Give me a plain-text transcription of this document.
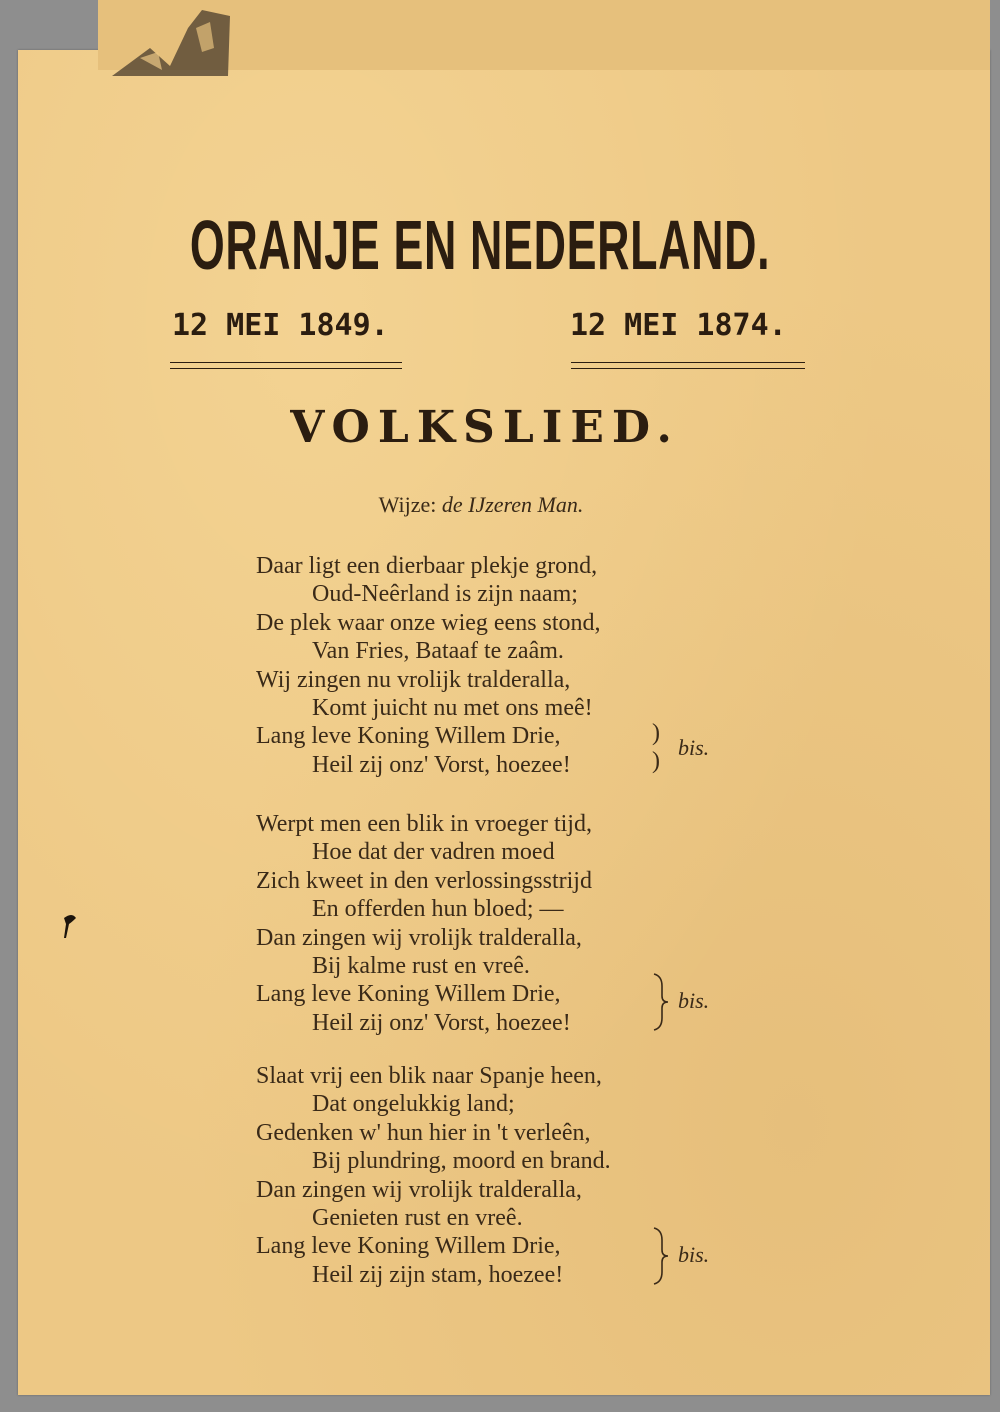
ORANJE EN NEDERLAND.
12 MEI 1849.	12 MEI 1874.
VOLKSLIED.
Wijze: de IJzeren Man.
Daar ligt een dierbaar plekje grond,
Oud-Neêrland is zijn naam;
De plek waar onze wieg eens stond,
Van Fries, Bataaf te zaâm.
Wij zingen nu vrolijk tralderalla,
Komt juicht nu met ons meê!
Lang leve Koning Willem Drie,
Heil zij onz' Vorst, hoezee!
)
)
bis.
Werpt men een blik in vroeger tijd,
Hoe dat der vadren moed
Zich kweet in den verlossingsstrijd
En offerden hun bloed; —
Dan zingen wij vrolijk tralderalla,
Bij kalme rust en vreê.
Lang leve Koning Willem Drie,
Heil zij onz' Vorst, hoezee!
bis.
Slaat vrij een blik naar Spanje heen,
Dat ongelukkig land;
Gedenken w' hun hier in 't verleên,
Bij plundring, moord en brand.
Dan zingen wij vrolijk tralderalla,
Genieten rust en vreê.
Lang leve Koning Willem Drie,
Heil zij zijn stam, hoezee!
bis.
